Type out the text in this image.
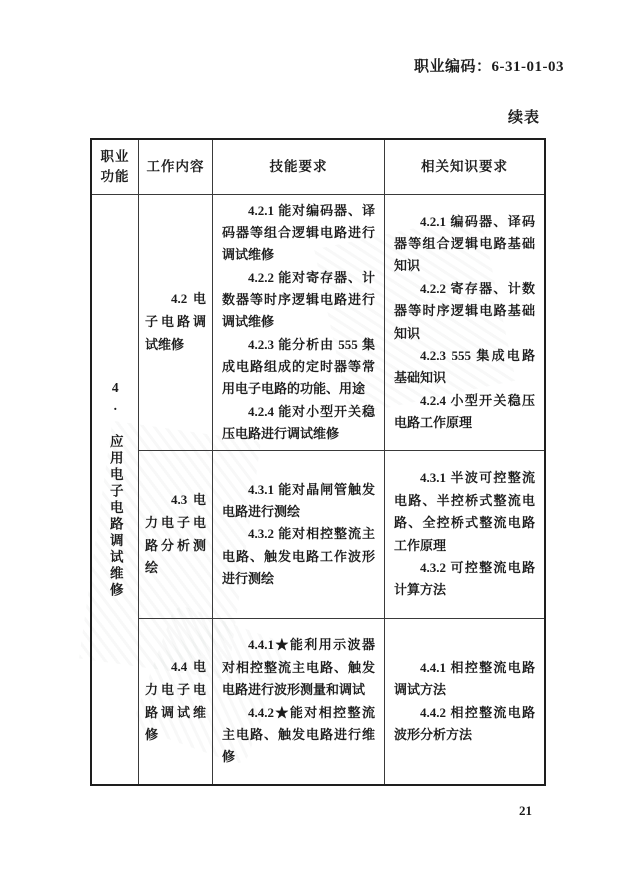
职业编码：6-31-01-03
续表
职业功能
工作内容	技能要求	相关知识要求
4. 应用电子电路调试维修

4.2 电子电路调试维修

4.2.1 能对编码器、译码器等组合逻辑电路进行调试维修

4.2.2 能对寄存器、计数器等时序逻辑电路进行调试维修

4.2.3 能分析由 555 集成电路组成的定时器等常用电子电路的功能、用途

4.2.4 能对小型开关稳压电路进行调试维修

4.2.1 编码器、译码器等组合逻辑电路基础知识

4.2.2 寄存器、计数器等时序逻辑电路基础知识

4.2.3 555 集成电路基础知识

4.2.4 小型开关稳压电路工作原理

4.3 电力电子电路分析测绘

4.3.1 能对晶闸管触发电路进行测绘

4.3.2 能对相控整流主电路、触发电路工作波形进行测绘

4.3.1 半波可控整流电路、半控桥式整流电路、全控桥式整流电路工作原理

4.3.2 可控整流电路计算方法

4.4 电力电子电路调试维修

4.4.1★能利用示波器对相控整流主电路、触发电路进行波形测量和调试

4.4.2★能对相控整流主电路、触发电路进行维修

4.4.1 相控整流电路调试方法

4.4.2 相控整流电路波形分析方法

21
